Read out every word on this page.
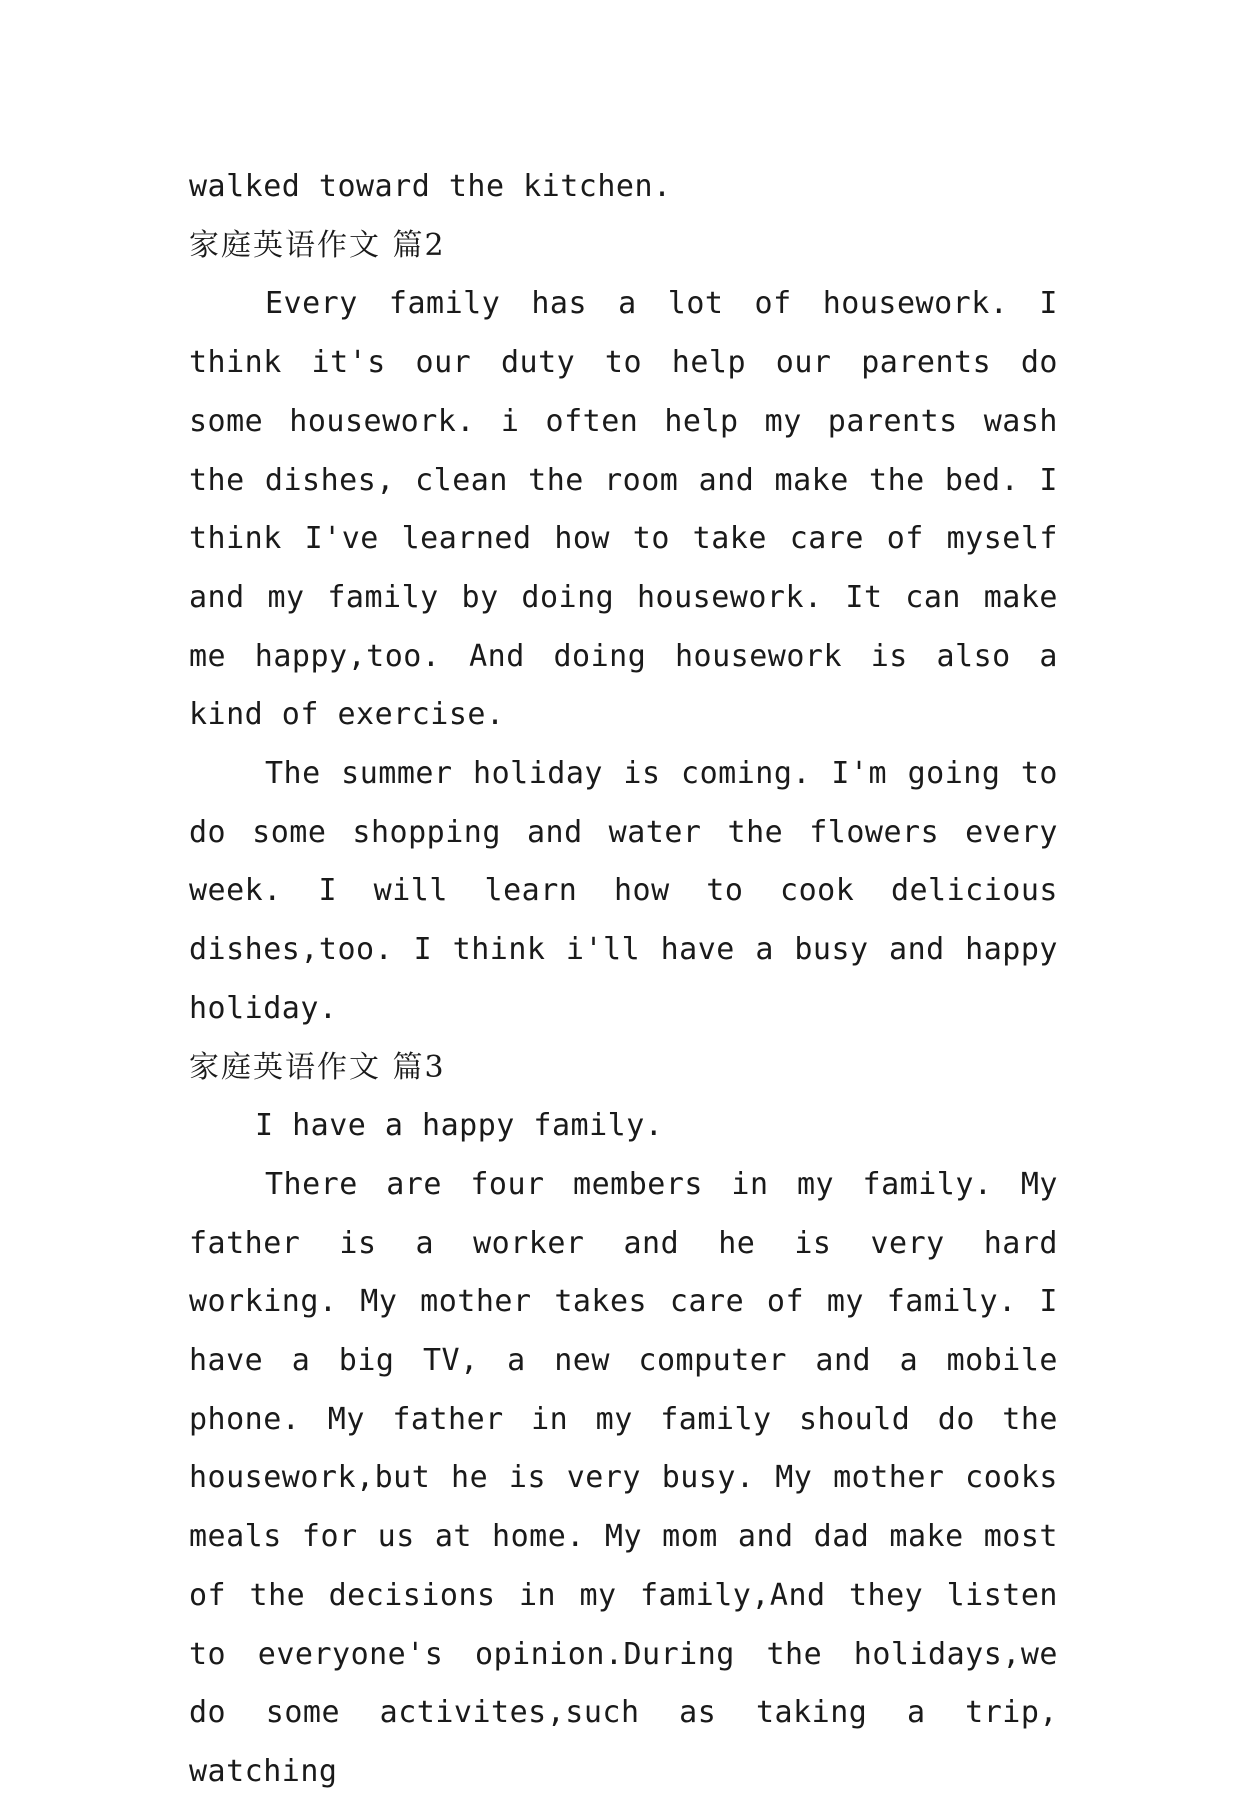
walked toward the kitchen.

家庭英语作文 篇2

Every family has a lot of housework. I think it's our duty to help our parents do some housework. i often help my parents wash the dishes, clean the room and make the bed. I think I've learned how to take care of myself and my family by doing housework. It can make me happy,too. And doing housework is also a kind of exercise.

The summer holiday is coming. I'm going to do some shopping and water the flowers every week. I will learn how to cook delicious dishes,too. I think i'll have a busy and happy holiday.

家庭英语作文 篇3

I have a happy family.

There are four members in my family. My father is a worker and he is very hard working. My mother takes care of my family. I have a big TV, a new computer and a mobile phone. My father in my family should do the housework,but he is very busy. My mother cooks meals for us at home. My mom and dad make most of the decisions in my family,And they listen to everyone's opinion.During the holidays,we do some activites,such as taking a trip, watching
